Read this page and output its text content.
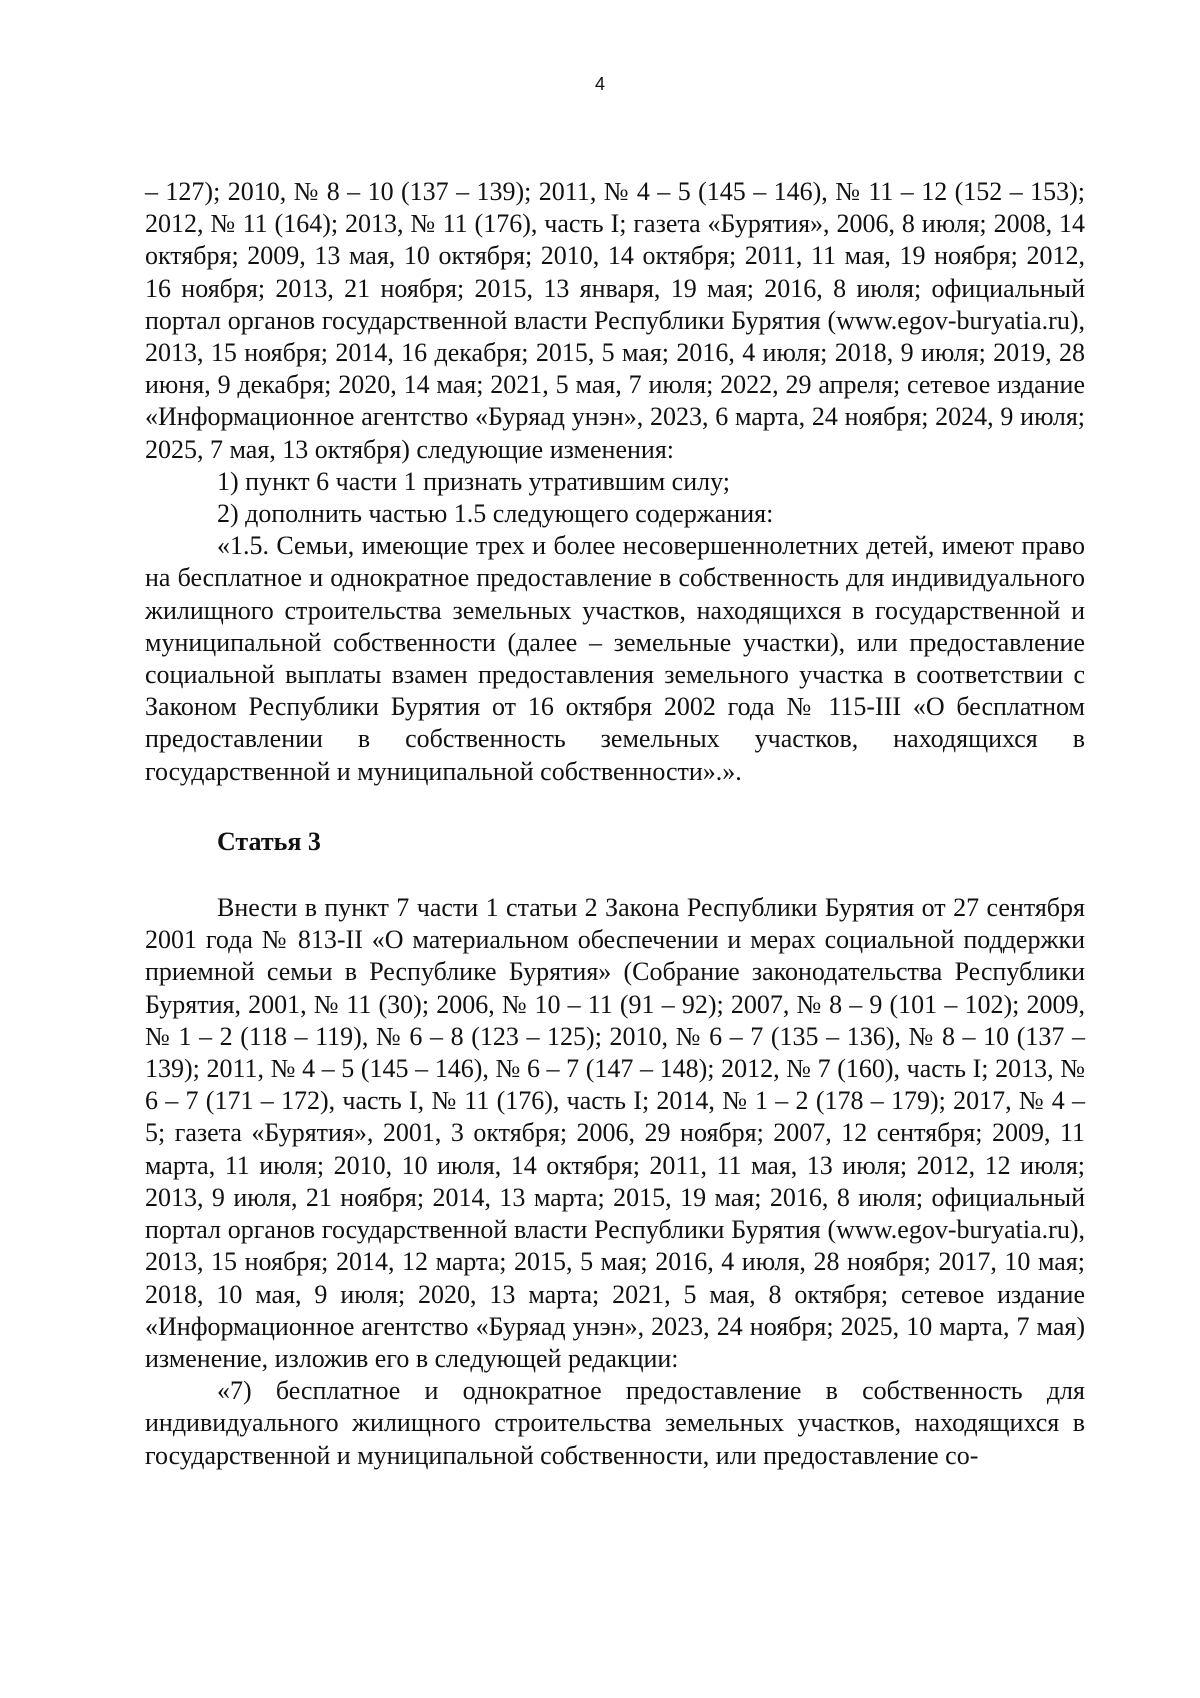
4

– 127); 2010, № 8 – 10 (137 – 139); 2011, № 4 – 5 (145 – 146), № 11 – 12 (152 – 153); 2012, № 11 (164); 2013, № 11 (176), часть I; газета «Бурятия», 2006, 8 июля; 2008, 14 октября; 2009, 13 мая, 10 октября; 2010, 14 октября; 2011, 11 мая, 19 ноября; 2012, 16 ноября; 2013, 21 ноября; 2015, 13 января, 19 мая; 2016, 8 июля; официальный портал органов государственной власти Республики Бурятия (www.egov-buryatia.ru), 2013, 15 ноября; 2014, 16 декабря; 2015, 5 мая; 2016, 4 июля; 2018, 9 июля; 2019, 28 июня, 9 декабря; 2020, 14 мая; 2021, 5 мая, 7 июля; 2022, 29 апреля; сетевое издание «Информационное агентство «Буряад унэн», 2023, 6 марта, 24 ноября; 2024, 9 июля; 2025, 7 мая, 13 октября) следующие изменения:

1) пункт 6 части 1 признать утратившим силу;

2) дополнить частью 1.5 следующего содержания:

«1.5. Семьи, имеющие трех и более несовершеннолетних детей, имеют право на бесплатное и однократное предоставление в собственность для индивидуального жилищного строительства земельных участков, находящихся в государственной и муниципальной собственности (далее – земельные участки), или предоставление социальной выплаты взамен предоставления земельного участка в соответствии с Законом Республики Бурятия от 16 октября 2002 года № 115-III «О бесплатном предоставлении в собственность земельных участков, находящихся в государственной и муниципальной собственности».».

Статья 3

Внести в пункт 7 части 1 статьи 2 Закона Республики Бурятия от 27 сентября 2001 года № 813-II «О материальном обеспечении и мерах социальной поддержки приемной семьи в Республике Бурятия» (Собрание законодательства Республики Бурятия, 2001, № 11 (30); 2006, № 10 – 11 (91 – 92); 2007, № 8 – 9 (101 – 102); 2009, № 1 – 2 (118 – 119), № 6 – 8 (123 – 125); 2010, № 6 – 7 (135 – 136), № 8 – 10 (137 – 139); 2011, № 4 – 5 (145 – 146), № 6 – 7 (147 – 148); 2012, № 7 (160), часть I; 2013, № 6 – 7 (171 – 172), часть I, № 11 (176), часть I; 2014, № 1 – 2 (178 – 179); 2017, № 4 – 5; газета «Бурятия», 2001, 3 октября; 2006, 29 ноября; 2007, 12 сентября; 2009, 11 марта, 11 июля; 2010, 10 июля, 14 октября; 2011, 11 мая, 13 июля; 2012, 12 июля; 2013, 9 июля, 21 ноября; 2014, 13 марта; 2015, 19 мая; 2016, 8 июля; официальный портал органов государственной власти Республики Бурятия (www.egov-buryatia.ru), 2013, 15 ноября; 2014, 12 марта; 2015, 5 мая; 2016, 4 июля, 28 ноября; 2017, 10 мая; 2018, 10 мая, 9 июля; 2020, 13 марта; 2021, 5 мая, 8 октября; сетевое издание «Информационное агентство «Буряад унэн», 2023, 24 ноября; 2025, 10 марта, 7 мая) изменение, изложив его в следующей редакции:

«7) бесплатное и однократное предоставление в собственность для индивидуального жилищного строительства земельных участков, находящихся в государственной и муниципальной собственности, или предоставление со-
